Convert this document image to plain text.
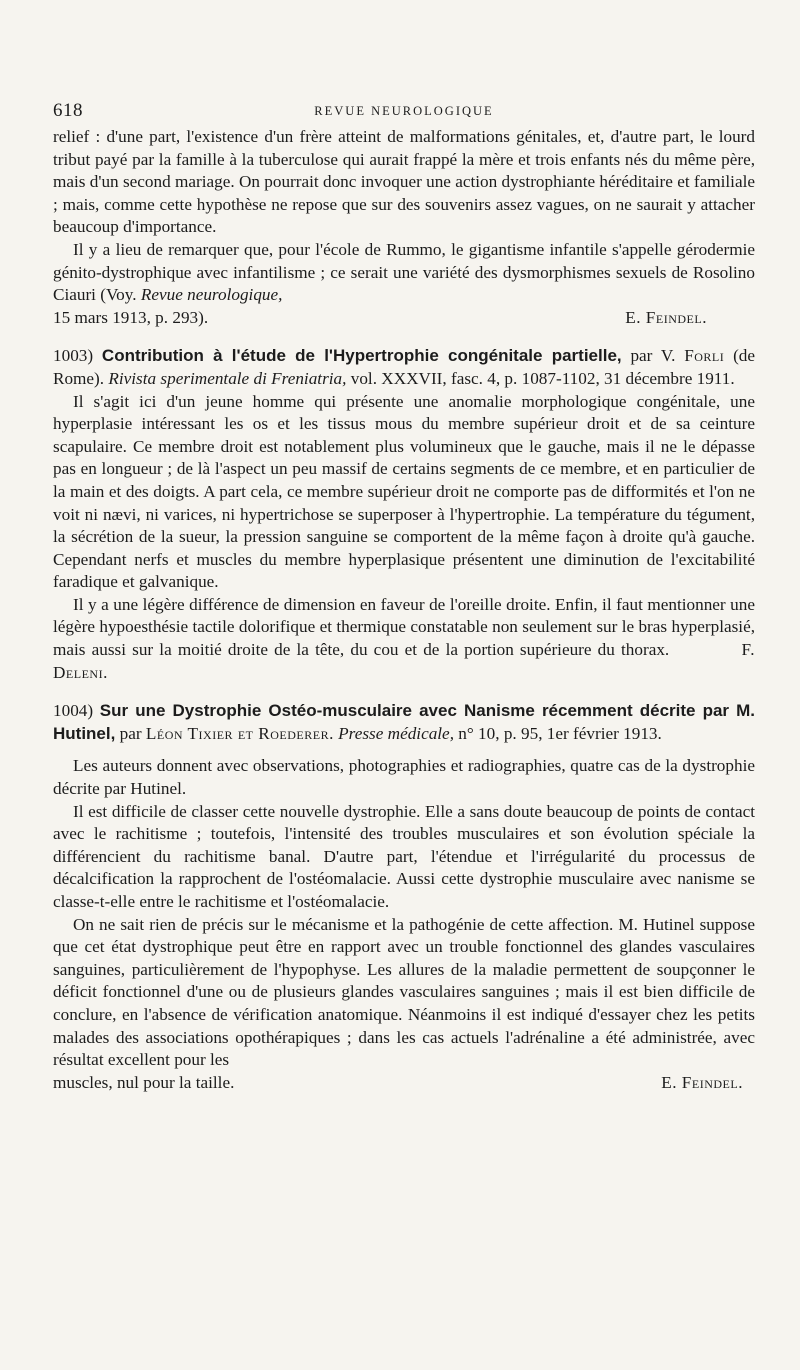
618	REVUE NEUROLOGIQUE

relief : d'une part, l'existence d'un frère atteint de malformations génitales, et, d'autre part, le lourd tribut payé par la famille à la tuberculose qui aurait frappé la mère et trois enfants nés du même père, mais d'un second mariage. On pourrait donc invoquer une action dystrophiante héréditaire et familiale ; mais, comme cette hypothèse ne repose que sur des souvenirs assez vagues, on ne saurait y attacher beaucoup d'importance.

Il y a lieu de remarquer que, pour l'école de Rummo, le gigantisme infantile s'appelle gérodermie génito-dystrophique avec infantilisme ; ce serait une variété des dysmorphismes sexuels de Rosolino Ciauri (Voy. Revue neurologique,

15 mars 1913, p. 293).	E. Feindel.

1003) Contribution à l'étude de l'Hypertrophie congénitale partielle, par V. Forli (de Rome). Rivista sperimentale di Freniatria, vol. XXXVII, fasc. 4, p. 1087-1102, 31 décembre 1911.

Il s'agit ici d'un jeune homme qui présente une anomalie morphologique congénitale, une hyperplasie intéressant les os et les tissus mous du membre supérieur droit et de sa ceinture scapulaire. Ce membre droit est notablement plus volumineux que le gauche, mais il ne le dépasse pas en longueur ; de là l'aspect un peu massif de certains segments de ce membre, et en particulier de la main et des doigts. A part cela, ce membre supérieur droit ne comporte pas de difformités et l'on ne voit ni nævi, ni varices, ni hypertrichose se superposer à l'hypertrophie. La température du tégument, la sécrétion de la sueur, la pression sanguine se comportent de la même façon à droite qu'à gauche. Cependant nerfs et muscles du membre hyperplasique présentent une diminution de l'excitabilité faradique et galvanique.

Il y a une légère différence de dimension en faveur de l'oreille droite. Enfin, il faut mentionner une légère hypoesthésie tactile dolorifique et thermique constatable non seulement sur le bras hyperplasié, mais aussi sur la moitié droite de la tête, du cou et de la portion supérieure du thorax.	F. Deleni.

1004) Sur une Dystrophie Ostéo-musculaire avec Nanisme récemment décrite par M. Hutinel, par Léon Tixier et Roederer. Presse médicale, n° 10, p. 95, 1er février 1913.

Les auteurs donnent avec observations, photographies et radiographies, quatre cas de la dystrophie décrite par Hutinel.

Il est difficile de classer cette nouvelle dystrophie. Elle a sans doute beaucoup de points de contact avec le rachitisme ; toutefois, l'intensité des troubles musculaires et son évolution spéciale la différencient du rachitisme banal. D'autre part, l'étendue et l'irrégularité du processus de décalcification la rapprochent de l'ostéomalacie. Aussi cette dystrophie musculaire avec nanisme se classe-t-elle entre le rachitisme et l'ostéomalacie.

On ne sait rien de précis sur le mécanisme et la pathogénie de cette affection. M. Hutinel suppose que cet état dystrophique peut être en rapport avec un trouble fonctionnel des glandes vasculaires sanguines, particulièrement de l'hypophyse. Les allures de la maladie permettent de soupçonner le déficit fonctionnel d'une ou de plusieurs glandes vasculaires sanguines ; mais il est bien difficile de conclure, en l'absence de vérification anatomique. Néanmoins il est indiqué d'essayer chez les petits malades des associations opothérapiques ; dans les cas actuels l'adrénaline a été administrée, avec résultat excellent pour les

muscles, nul pour la taille.	E. Feindel.
